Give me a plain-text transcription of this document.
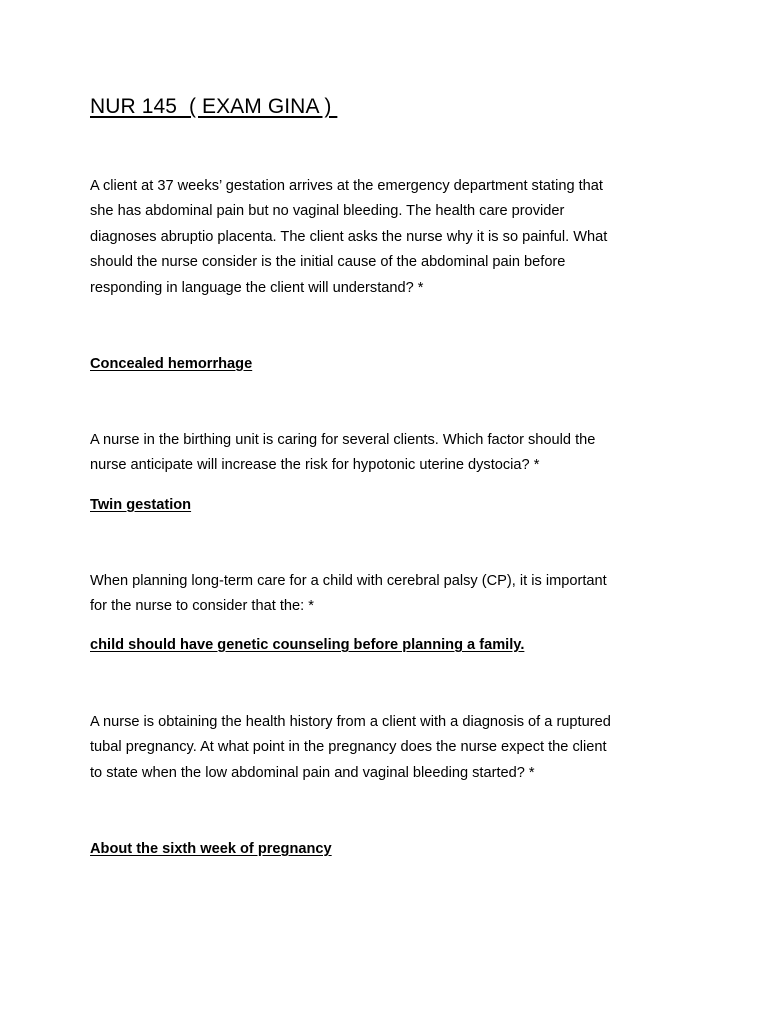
NUR 145  ( EXAM GINA )
A client at 37 weeks’ gestation arrives at the emergency department stating that
she has abdominal pain but no vaginal bleeding. The health care provider
diagnoses abruptio placenta. The client asks the nurse why it is so painful. What
should the nurse consider is the initial cause of the abdominal pain before
responding in language the client will understand? *
Concealed hemorrhage
A nurse in the birthing unit is caring for several clients. Which factor should the
nurse anticipate will increase the risk for hypotonic uterine dystocia? *
Twin gestation
When planning long-term care for a child with cerebral palsy (CP), it is important
for the nurse to consider that the: *
child should have genetic counseling before planning a family.
A nurse is obtaining the health history from a client with a diagnosis of a ruptured
tubal pregnancy. At what point in the pregnancy does the nurse expect the client
to state when the low abdominal pain and vaginal bleeding started? *
About the sixth week of pregnancy
